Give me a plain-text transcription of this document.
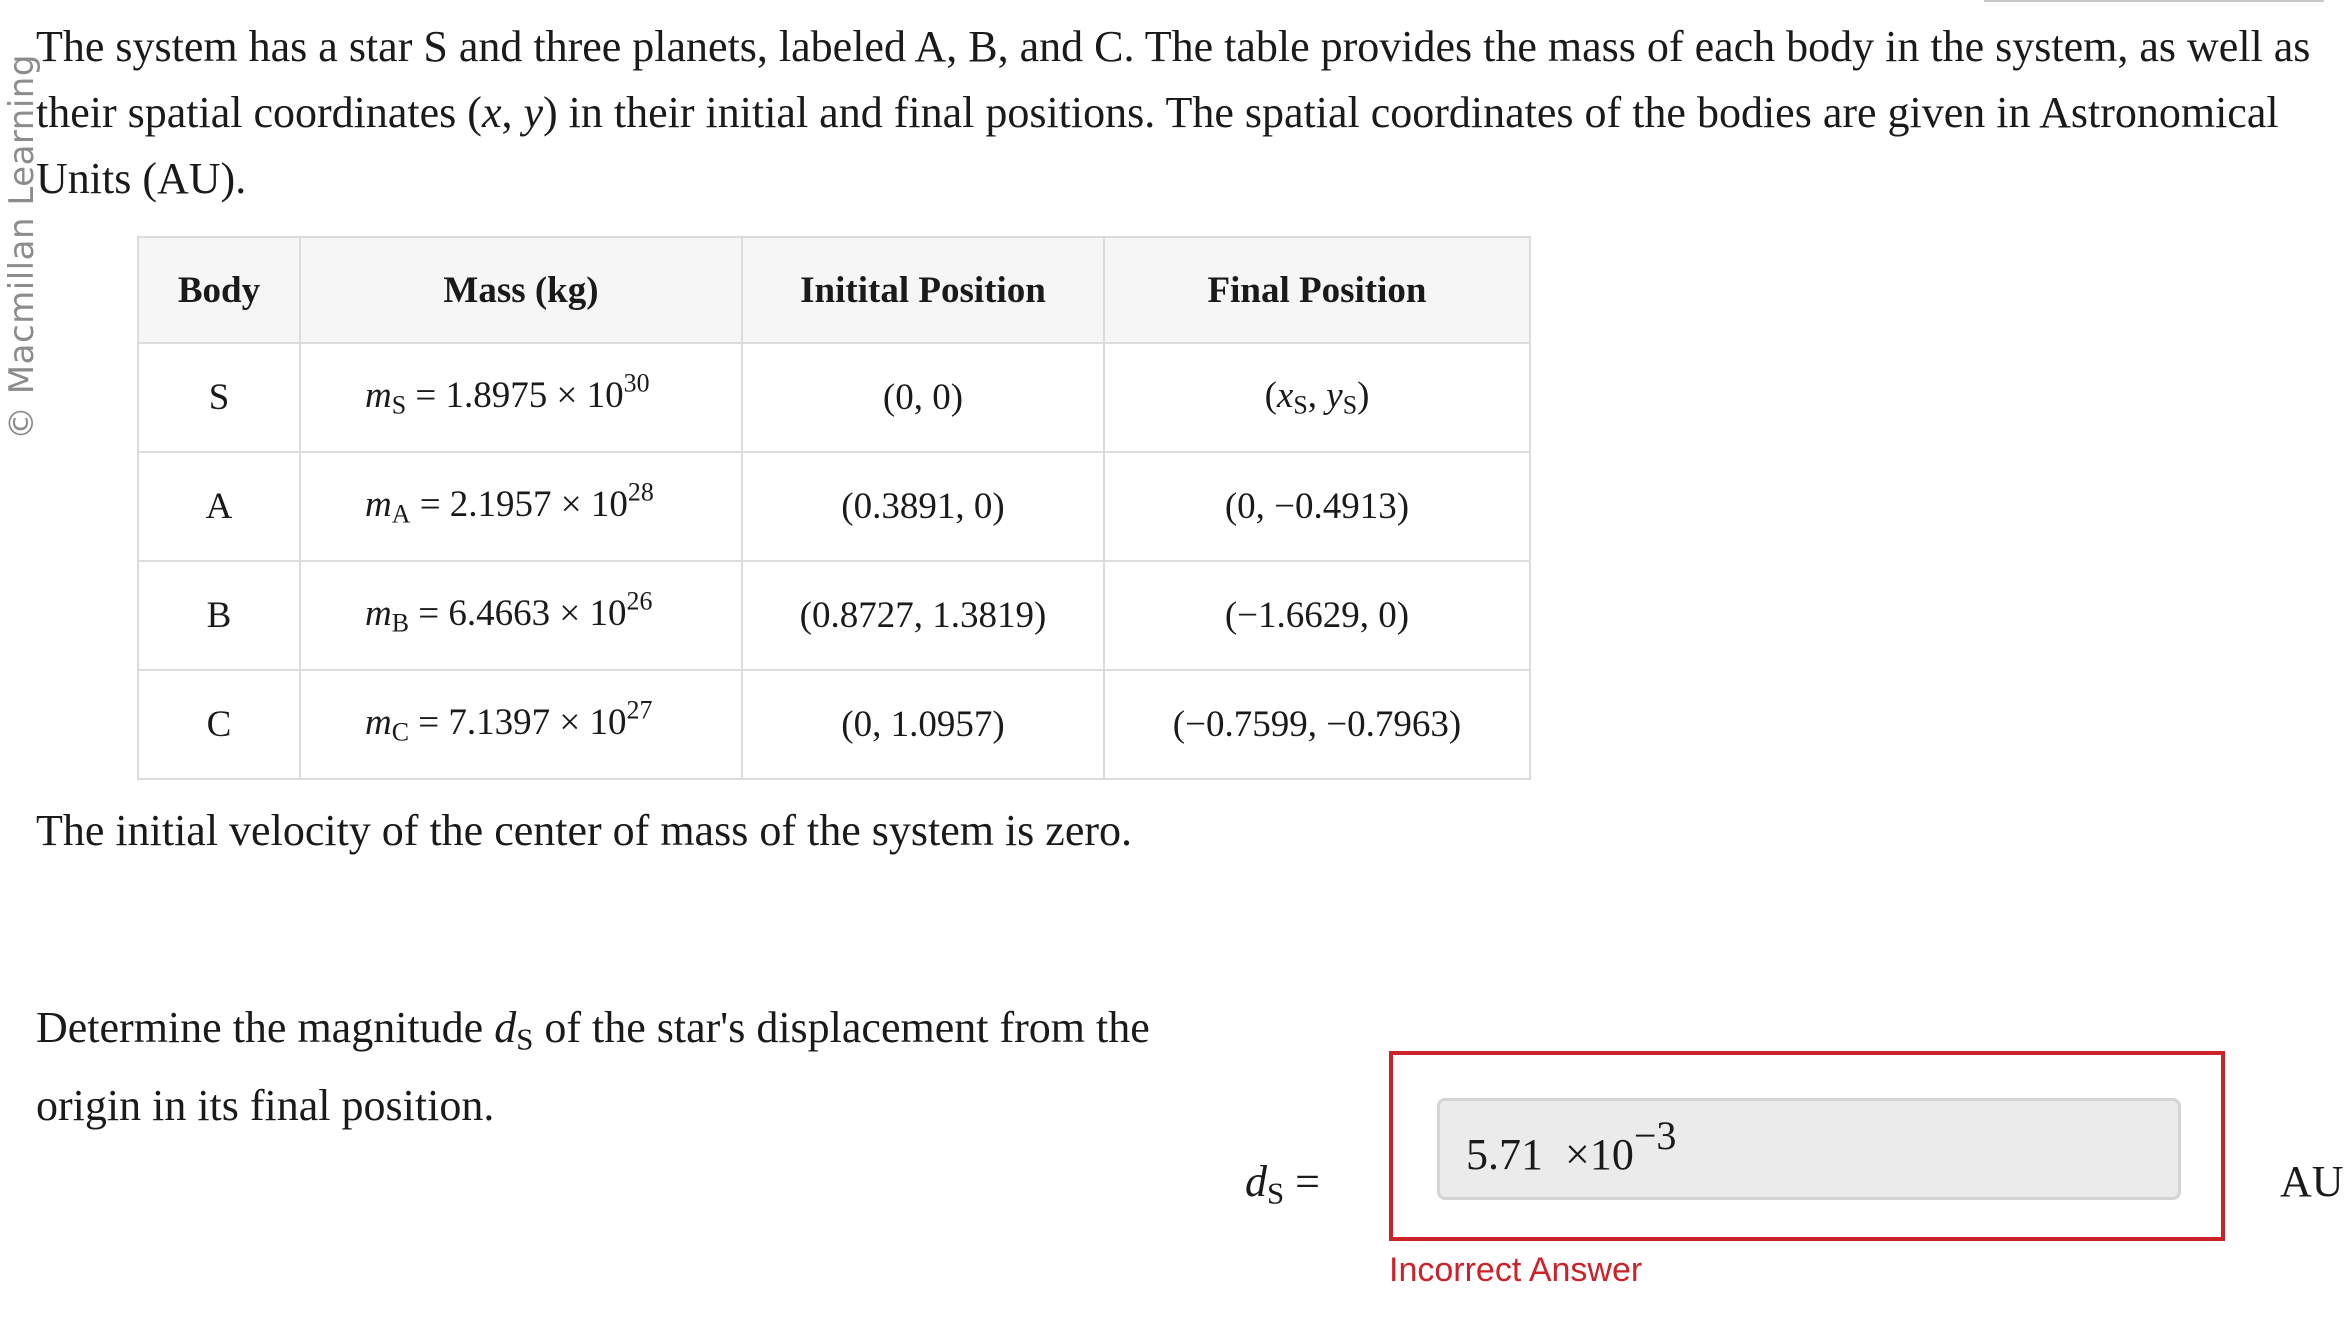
© Macmillan Learning

The system has a star S and three planets, labeled A, B, and C. The table provides the mass of each body in the system, as well as their spatial coordinates (x, y) in their initial and final positions. The spatial coordinates of the bodies are given in Astronomical Units (AU).

Body	Mass (kg)	Initital Position	Final Position
S	$m_S = 1.8975 \times 10^{30}$	(0, 0)	($x_S$, $y_S$)
A	$m_A = 2.1957 \times 10^{28}$	(0.3891, 0)	(0, −0.4913)
B	$m_B = 6.4663 \times 10^{26}$	(0.8727, 1.3819)	(−1.6629, 0)
C	$m_C = 7.1397 \times 10^{27}$	(0, 1.0957)	(−0.7599, −0.7963)

The initial velocity of the center of mass of the system is zero.

Determine the magnitude $d_S$ of the star's displacement from the origin in its final position.

$d_S$ =
5.71 ×10−3
AU
Incorrect Answer
